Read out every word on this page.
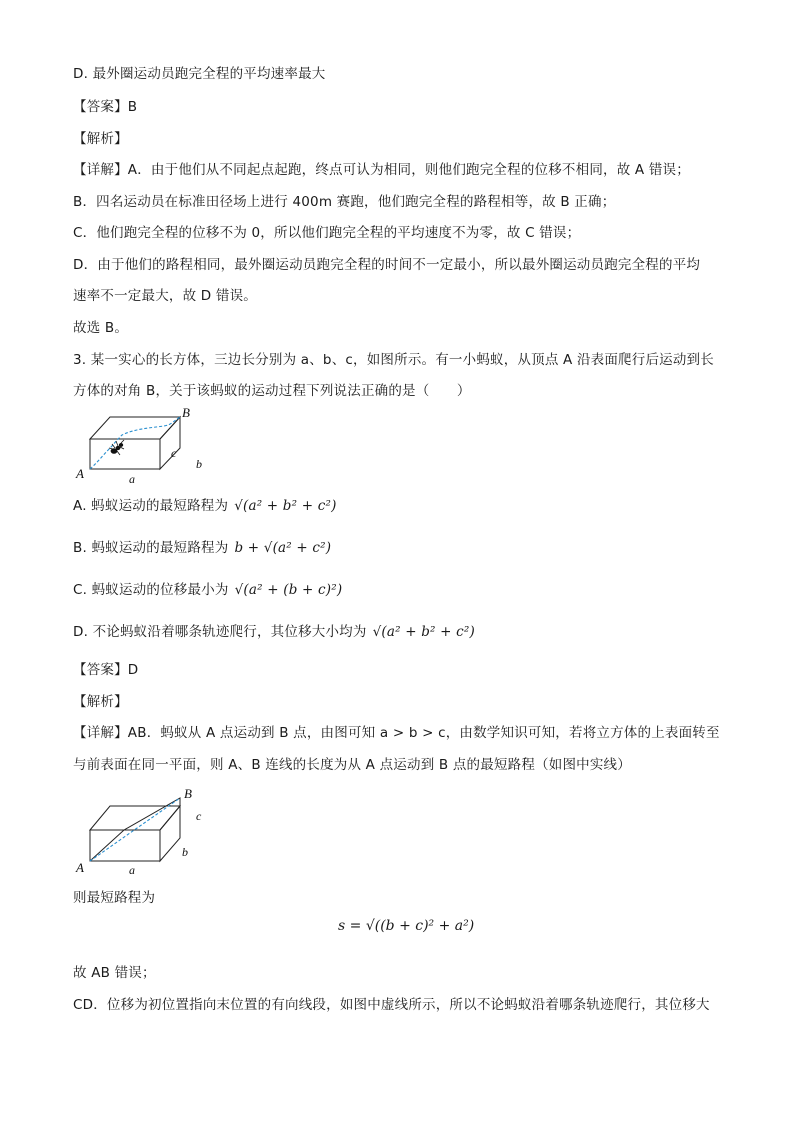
D. 最外圈运动员跑完全程的平均速率最大
【答案】B
【解析】
【详解】A．由于他们从不同起点起跑，终点可认为相同，则他们跑完全程的位移不相同，故 A 错误；
B．四名运动员在标准田径场上进行 400m 赛跑，他们跑完全程的路程相等，故 B 正确；
C．他们跑完全程的位移不为 0，所以他们跑完全程的平均速度不为零，故 C 错误；
D．由于他们的路程相同，最外圈运动员跑完全程的时间不一定最小，所以最外圈运动员跑完全程的平均
速率不一定最大，故 D 错误。
故选 B。
3. 某一实心的长方体，三边长分别为 a、b、c，如图所示。有一小蚂蚁，从顶点 A 沿表面爬行后运动到长
方体的对角 B，关于该蚂蚁的运动过程下列说法正确的是（　　）
A
B
a
b
c
A. 蚂蚁运动的最短路程为 √(a² + b² + c²)
B. 蚂蚁运动的最短路程为 b + √(a² + c²)
C. 蚂蚁运动的位移最小为 √(a² + (b + c)²)
D. 不论蚂蚁沿着哪条轨迹爬行，其位移大小均为 √(a² + b² + c²)
【答案】D
【解析】
【详解】AB．蚂蚁从 A 点运动到 B 点，由图可知 a > b > c，由数学知识可知，若将立方体的上表面转至
与前表面在同一平面，则 A、B 连线的长度为从 A 点运动到 B 点的最短路程（如图中实线）
A
B
a
c
b
则最短路程为
s = √((b + c)² + a²)
故 AB 错误；
CD．位移为初位置指向末位置的有向线段，如图中虚线所示，所以不论蚂蚁沿着哪条轨迹爬行，其位移大
